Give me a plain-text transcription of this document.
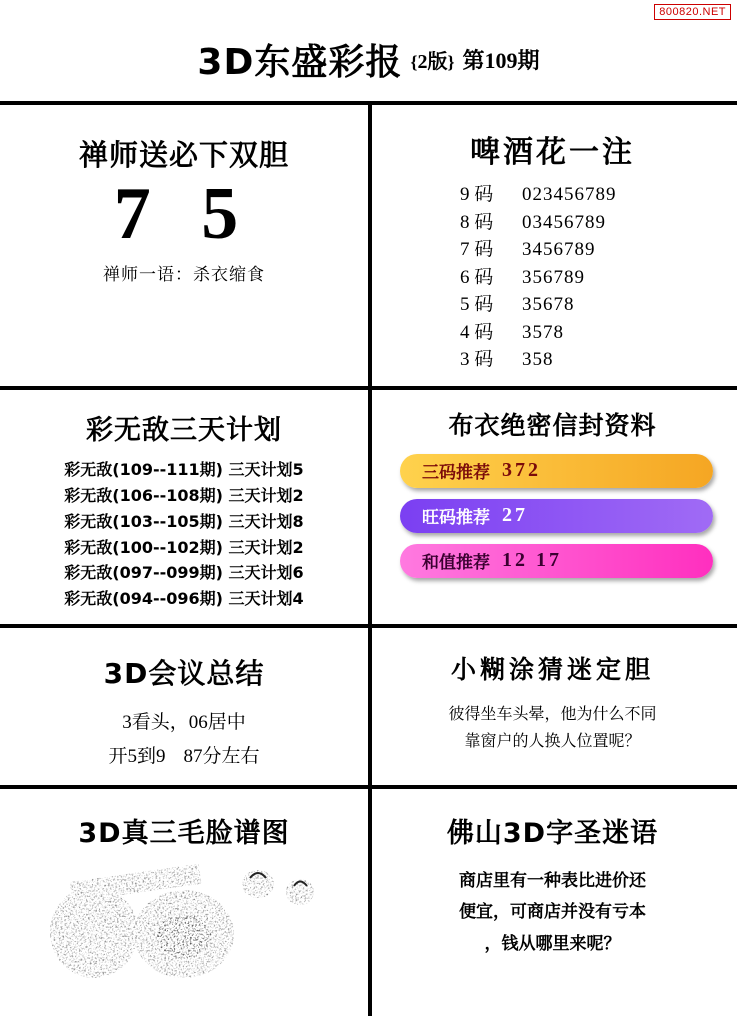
800820.NET
3D东盛彩报 {2版} 第109期
禅师送必下双胆
7 5
禅师一语：杀衣缩食
啤酒花一注
9 码 023456789
8 码 03456789
7 码 3456789
6 码 356789
5 码 35678
4 码 3578
3 码 358
彩无敌三天计划
彩无敌(109--111期) 三天计划5
彩无敌(106--108期) 三天计划2
彩无敌(103--105期) 三天计划8
彩无敌(100--102期) 三天计划2
彩无敌(097--099期) 三天计划6
彩无敌(094--096期) 三天计划4
布衣绝密信封资料
三码推荐 372
旺码推荐 27
和值推荐 12 17
3D会议总结
3看头，06居中
开5到9 87分左右
小糊涂猜迷定胆
彼得坐车头晕，他为什么不同
靠窗户的人换人位置呢？
3D真三毛脸谱图	佛山3D字圣迷语
商店里有一种表比进价还
便宜，可商店并没有亏本
，钱从哪里来呢？
